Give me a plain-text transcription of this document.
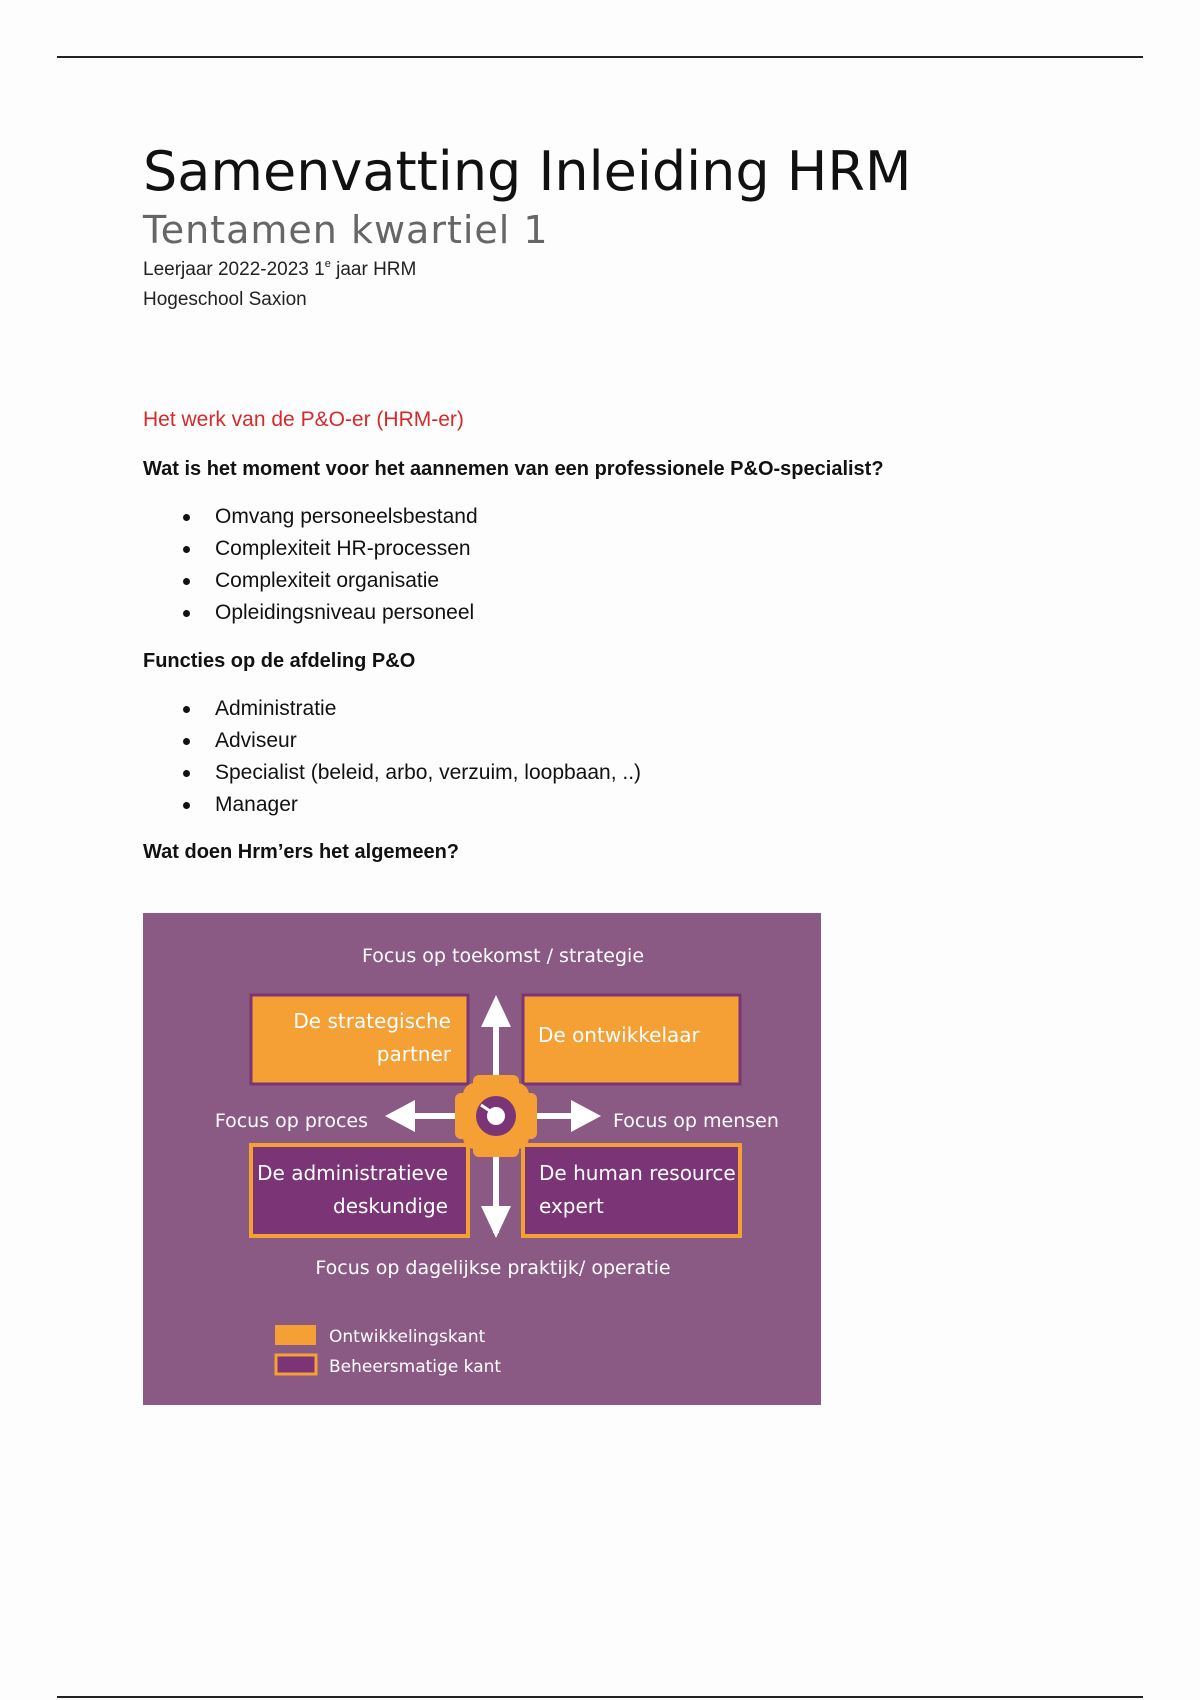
Samenvatting Inleiding HRM
Tentamen kwartiel 1
Leerjaar 2022-2023 1e jaar HRM
Hogeschool Saxion
Het werk van de P&O-er (HRM-er)
Wat is het moment voor het aannemen van een professionele P&O-specialist?
Omvang personeelsbestand
Complexiteit HR-processen
Complexiteit organisatie
Opleidingsniveau personeel
Functies op de afdeling P&O
Administratie
Adviseur
Specialist (beleid, arbo, verzuim, loopbaan, ..)
Manager
Wat doen Hrm’ers het algemeen?
Focus op toekomst / strategie
Focus op dagelijkse praktijk/ operatie
Focus op proces	Focus op mensen
De strategische
partner
De ontwikkelaar
De administratieve
deskundige
De human resource
expert
Ontwikkelingskant
Beheersmatige kant
